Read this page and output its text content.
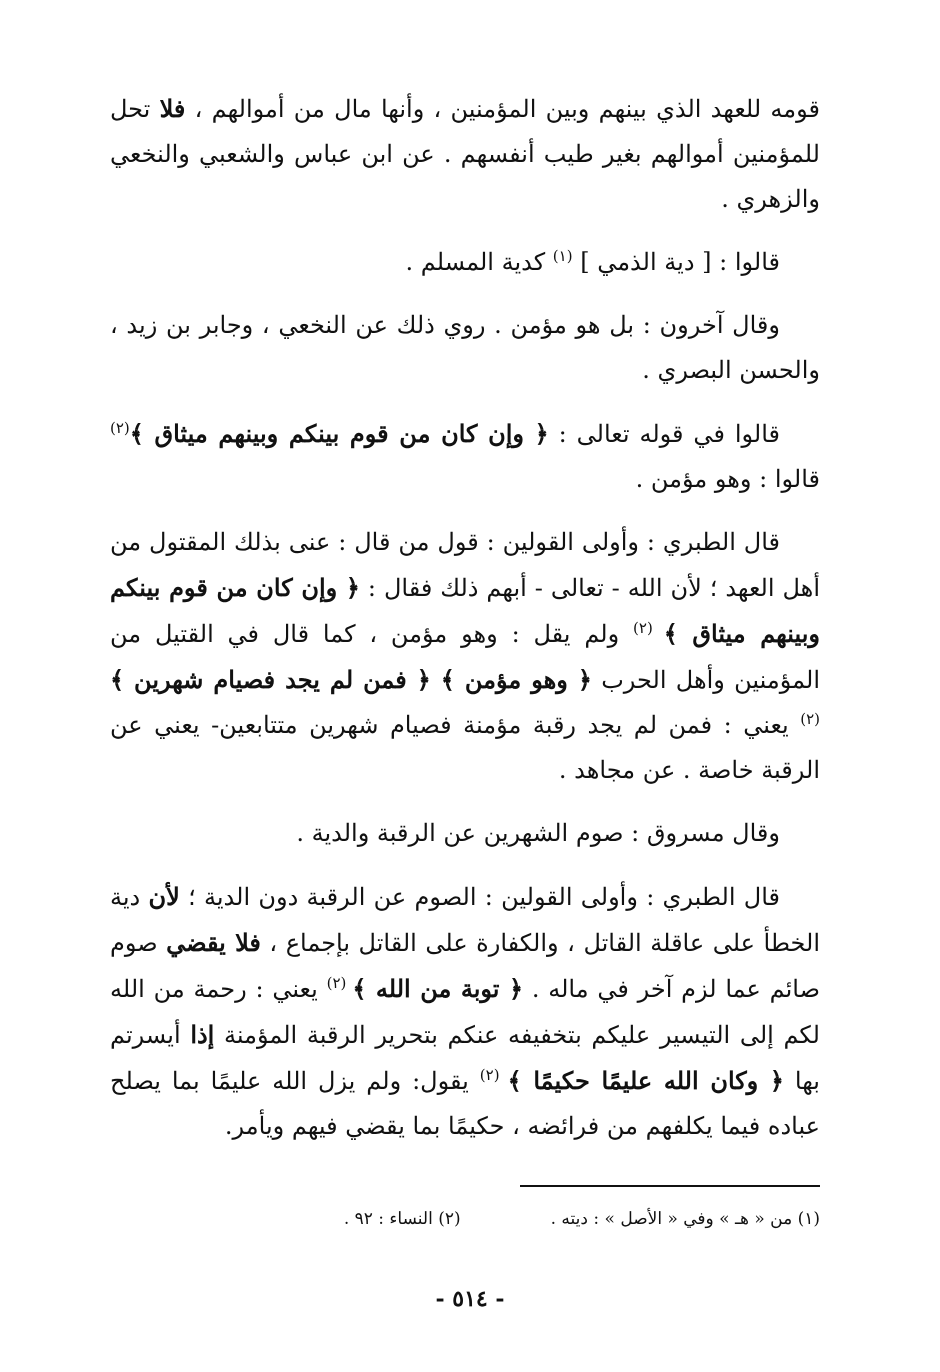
قومه للعهد الذي بينهم وبين المؤمنين ، وأنها مال من أموالهم ، فلا تحل للمؤمنين أموالهم بغير طيب أنفسهم . عن ابن عباس والشعبي والنخعي والزهري .

قالوا : [ دية الذمي ] $^{(١)}$ كدية المسلم .

وقال آخرون : بل هو مؤمن . روي ذلك عن النخعي ، وجابر بن زيد ، والحسن البصري .

قالوا في قوله تعالى : ﴿ وإن كان من قوم بينكم وبينهم ميثاق ﴾$^{(٢)}$ قالوا : وهو مؤمن .

قال الطبري : وأولى القولين : قول من قال : عنى بذلك المقتول من أهل العهد ؛ لأن الله - تعالى - أبهم ذلك فقال : ﴿ وإن كان من قوم بينكم وبينهم ميثاق ﴾ $^{(٢)}$ ولم يقل : وهو مؤمن ، كما قال في القتيل من المؤمنين وأهل الحرب ﴿ وهو مؤمن ﴾ ﴿ فمن لم يجد فصيام شهرين ﴾ $^{(٢)}$ يعني : فمن لم يجد رقبة مؤمنة فصيام شهرين متتابعين- يعني عن الرقبة خاصة . عن مجاهد .

وقال مسروق : صوم الشهرين عن الرقبة والدية .

قال الطبري : وأولى القولين : الصوم عن الرقبة دون الدية ؛ لأن دية الخطأ على عاقلة القاتل ، والكفارة على القاتل بإجماع ، فلا يقضي صوم صائم عما لزم آخر في ماله . ﴿ توبة من الله ﴾ $^{(٢)}$ يعني : رحمة من الله لكم إلى التيسير عليكم بتخفيفه عنكم بتحرير الرقبة المؤمنة إذا أيسرتم بها ﴿ وكان الله عليمًا حكيمًا ﴾ $^{(٢)}$ يقول: ولم يزل الله عليمًا بما يصلح عباده فيما يكلفهم من فرائضه ، حكيمًا بما يقضي فيهم ويأمر.

(١) من « هـ » وفي « الأصل » : ديته .
(٢) النساء : ٩٢ .
- ٥١٤ -
